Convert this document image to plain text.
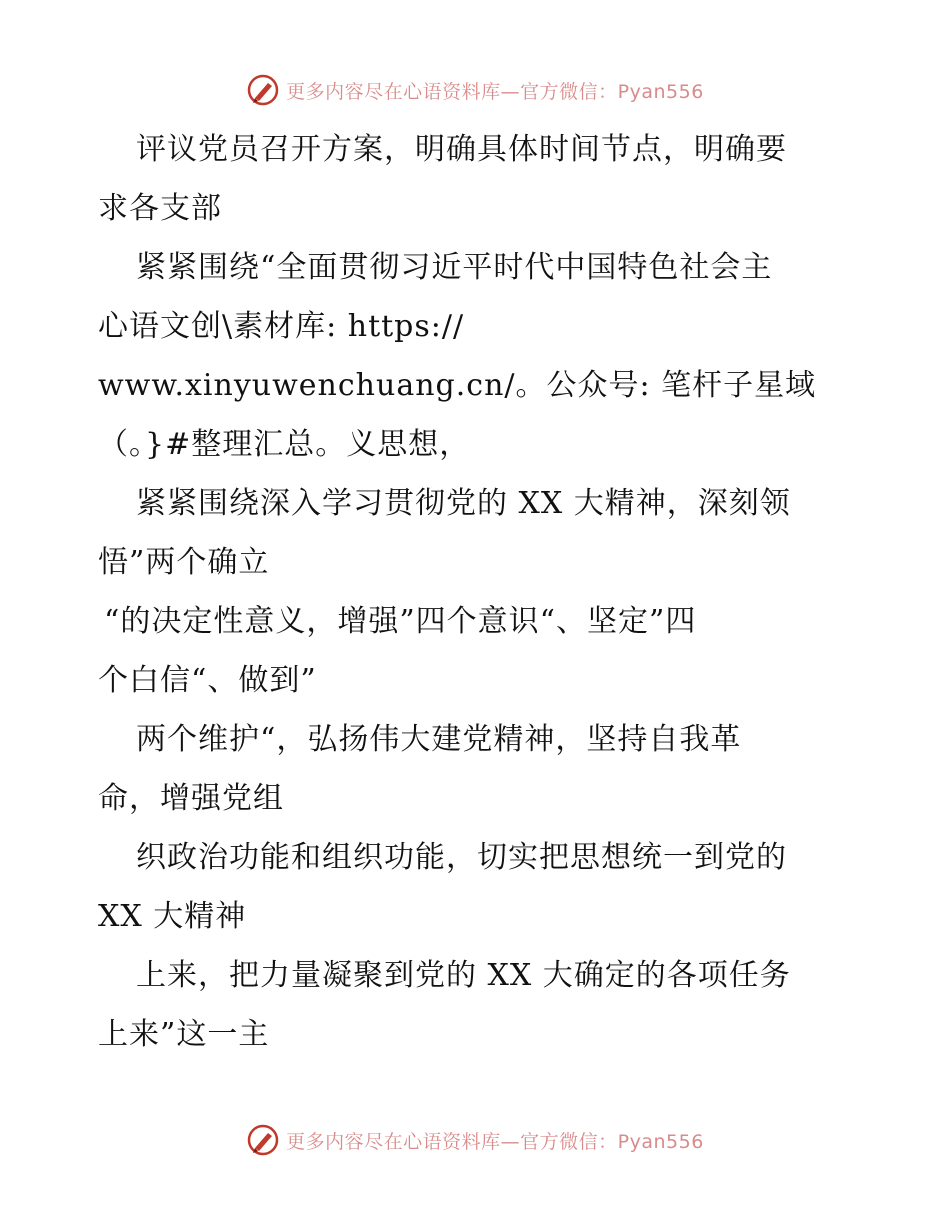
更多内容尽在心语资料库—官方微信：Pyan556
评议党员召开方案，明确具体时间节点，明确要
求各支部
紧紧围绕“全面贯彻习近平时代中国特色社会主
心语文创\素材库: https://
www.xinyuwenchuang.cn/。公众号: 笔杆子星域
（。}#整理汇总。义思想，
紧紧围绕深入学习贯彻党的 XX 大精神，深刻领
悟”两个确立
“的决定性意义，增强”四个意识“、坚定”四
个白信“、做到”
两个维护“，弘扬伟大建党精神，坚持自我革
命，增强党组
织政治功能和组织功能，切实把思想统一到党的
XX 大精神
上来，把力量凝聚到党的 XX 大确定的各项任务
上来”这一主
更多内容尽在心语资料库—官方微信：Pyan556
